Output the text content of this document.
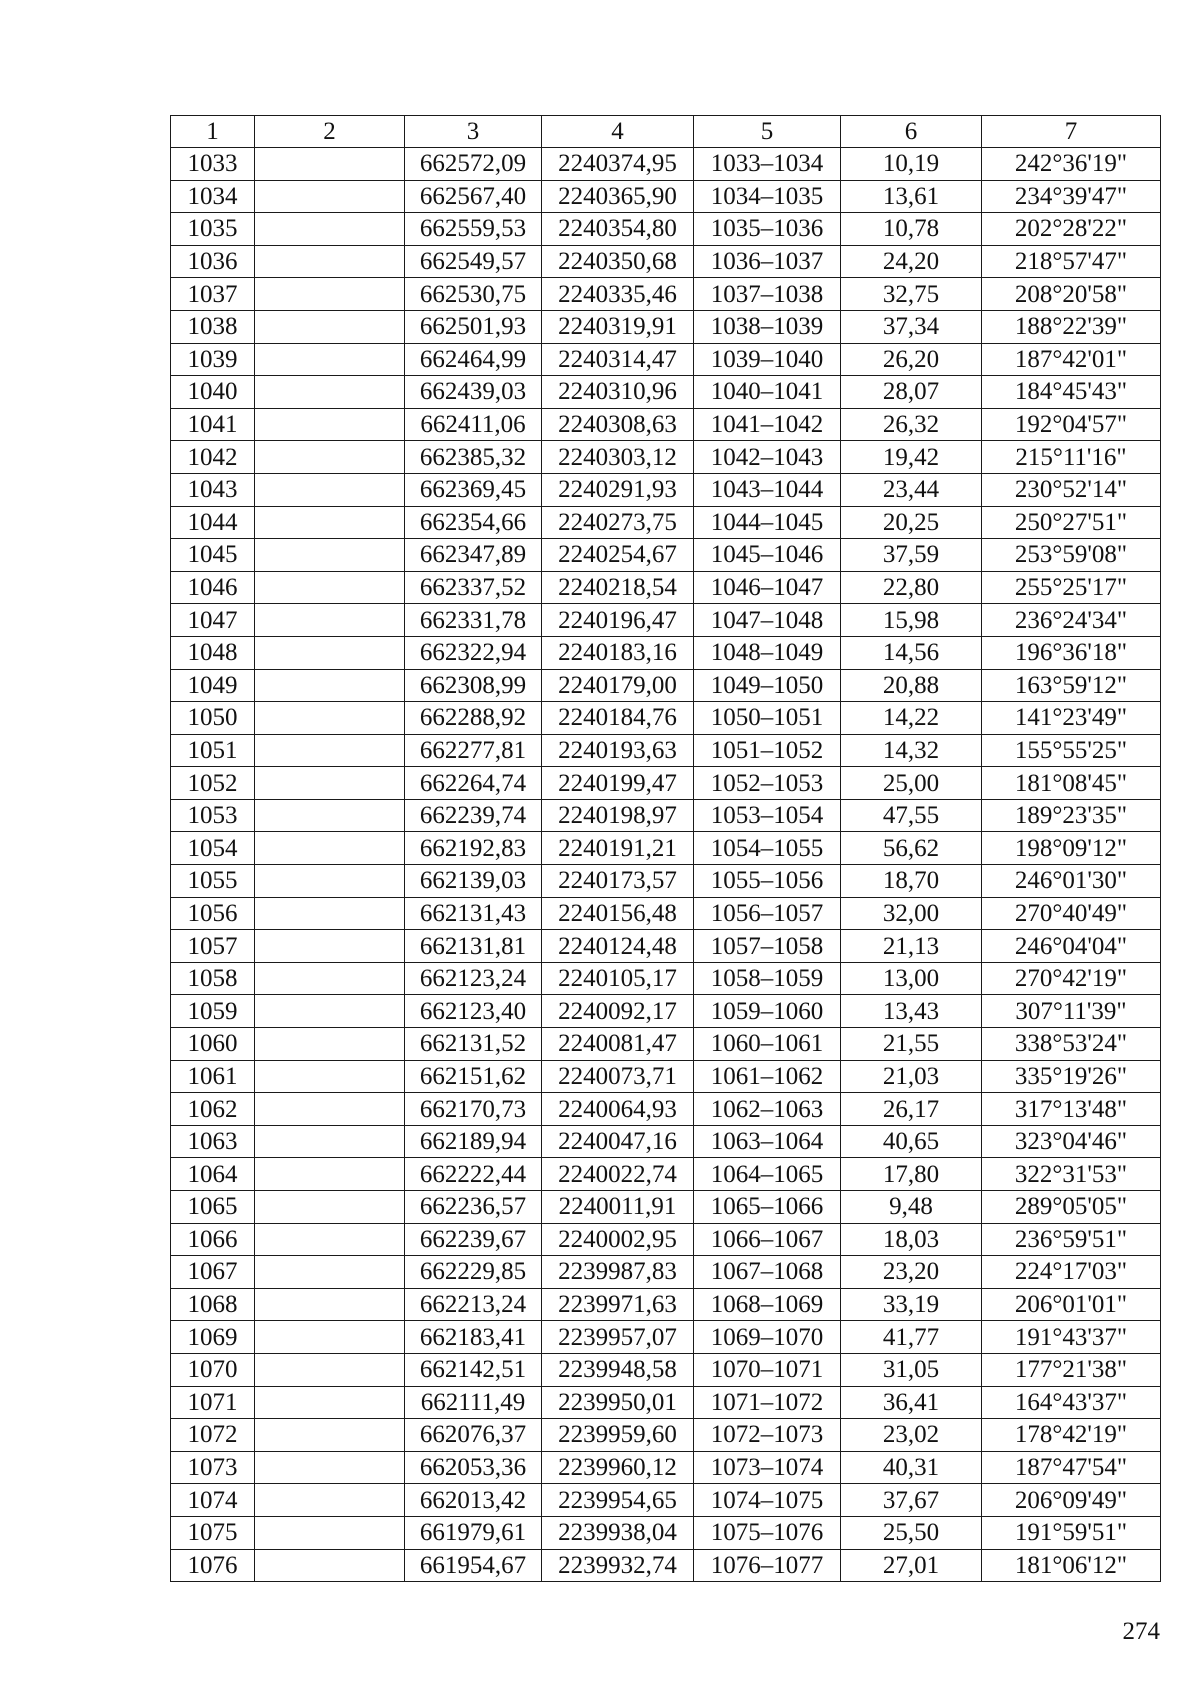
1	2	3	4	5	6	7
1033		662572,09	2240374,95	1033–1034	10,19	242°36'19"
1034		662567,40	2240365,90	1034–1035	13,61	234°39'47"
1035		662559,53	2240354,80	1035–1036	10,78	202°28'22"
1036		662549,57	2240350,68	1036–1037	24,20	218°57'47"
1037		662530,75	2240335,46	1037–1038	32,75	208°20'58"
1038		662501,93	2240319,91	1038–1039	37,34	188°22'39"
1039		662464,99	2240314,47	1039–1040	26,20	187°42'01"
1040		662439,03	2240310,96	1040–1041	28,07	184°45'43"
1041		662411,06	2240308,63	1041–1042	26,32	192°04'57"
1042		662385,32	2240303,12	1042–1043	19,42	215°11'16"
1043		662369,45	2240291,93	1043–1044	23,44	230°52'14"
1044		662354,66	2240273,75	1044–1045	20,25	250°27'51"
1045		662347,89	2240254,67	1045–1046	37,59	253°59'08"
1046		662337,52	2240218,54	1046–1047	22,80	255°25'17"
1047		662331,78	2240196,47	1047–1048	15,98	236°24'34"
1048		662322,94	2240183,16	1048–1049	14,56	196°36'18"
1049		662308,99	2240179,00	1049–1050	20,88	163°59'12"
1050		662288,92	2240184,76	1050–1051	14,22	141°23'49"
1051		662277,81	2240193,63	1051–1052	14,32	155°55'25"
1052		662264,74	2240199,47	1052–1053	25,00	181°08'45"
1053		662239,74	2240198,97	1053–1054	47,55	189°23'35"
1054		662192,83	2240191,21	1054–1055	56,62	198°09'12"
1055		662139,03	2240173,57	1055–1056	18,70	246°01'30"
1056		662131,43	2240156,48	1056–1057	32,00	270°40'49"
1057		662131,81	2240124,48	1057–1058	21,13	246°04'04"
1058		662123,24	2240105,17	1058–1059	13,00	270°42'19"
1059		662123,40	2240092,17	1059–1060	13,43	307°11'39"
1060		662131,52	2240081,47	1060–1061	21,55	338°53'24"
1061		662151,62	2240073,71	1061–1062	21,03	335°19'26"
1062		662170,73	2240064,93	1062–1063	26,17	317°13'48"
1063		662189,94	2240047,16	1063–1064	40,65	323°04'46"
1064		662222,44	2240022,74	1064–1065	17,80	322°31'53"
1065		662236,57	2240011,91	1065–1066	9,48	289°05'05"
1066		662239,67	2240002,95	1066–1067	18,03	236°59'51"
1067		662229,85	2239987,83	1067–1068	23,20	224°17'03"
1068		662213,24	2239971,63	1068–1069	33,19	206°01'01"
1069		662183,41	2239957,07	1069–1070	41,77	191°43'37"
1070		662142,51	2239948,58	1070–1071	31,05	177°21'38"
1071		662111,49	2239950,01	1071–1072	36,41	164°43'37"
1072		662076,37	2239959,60	1072–1073	23,02	178°42'19"
1073		662053,36	2239960,12	1073–1074	40,31	187°47'54"
1074		662013,42	2239954,65	1074–1075	37,67	206°09'49"
1075		661979,61	2239938,04	1075–1076	25,50	191°59'51"
1076		661954,67	2239932,74	1076–1077	27,01	181°06'12"
274
